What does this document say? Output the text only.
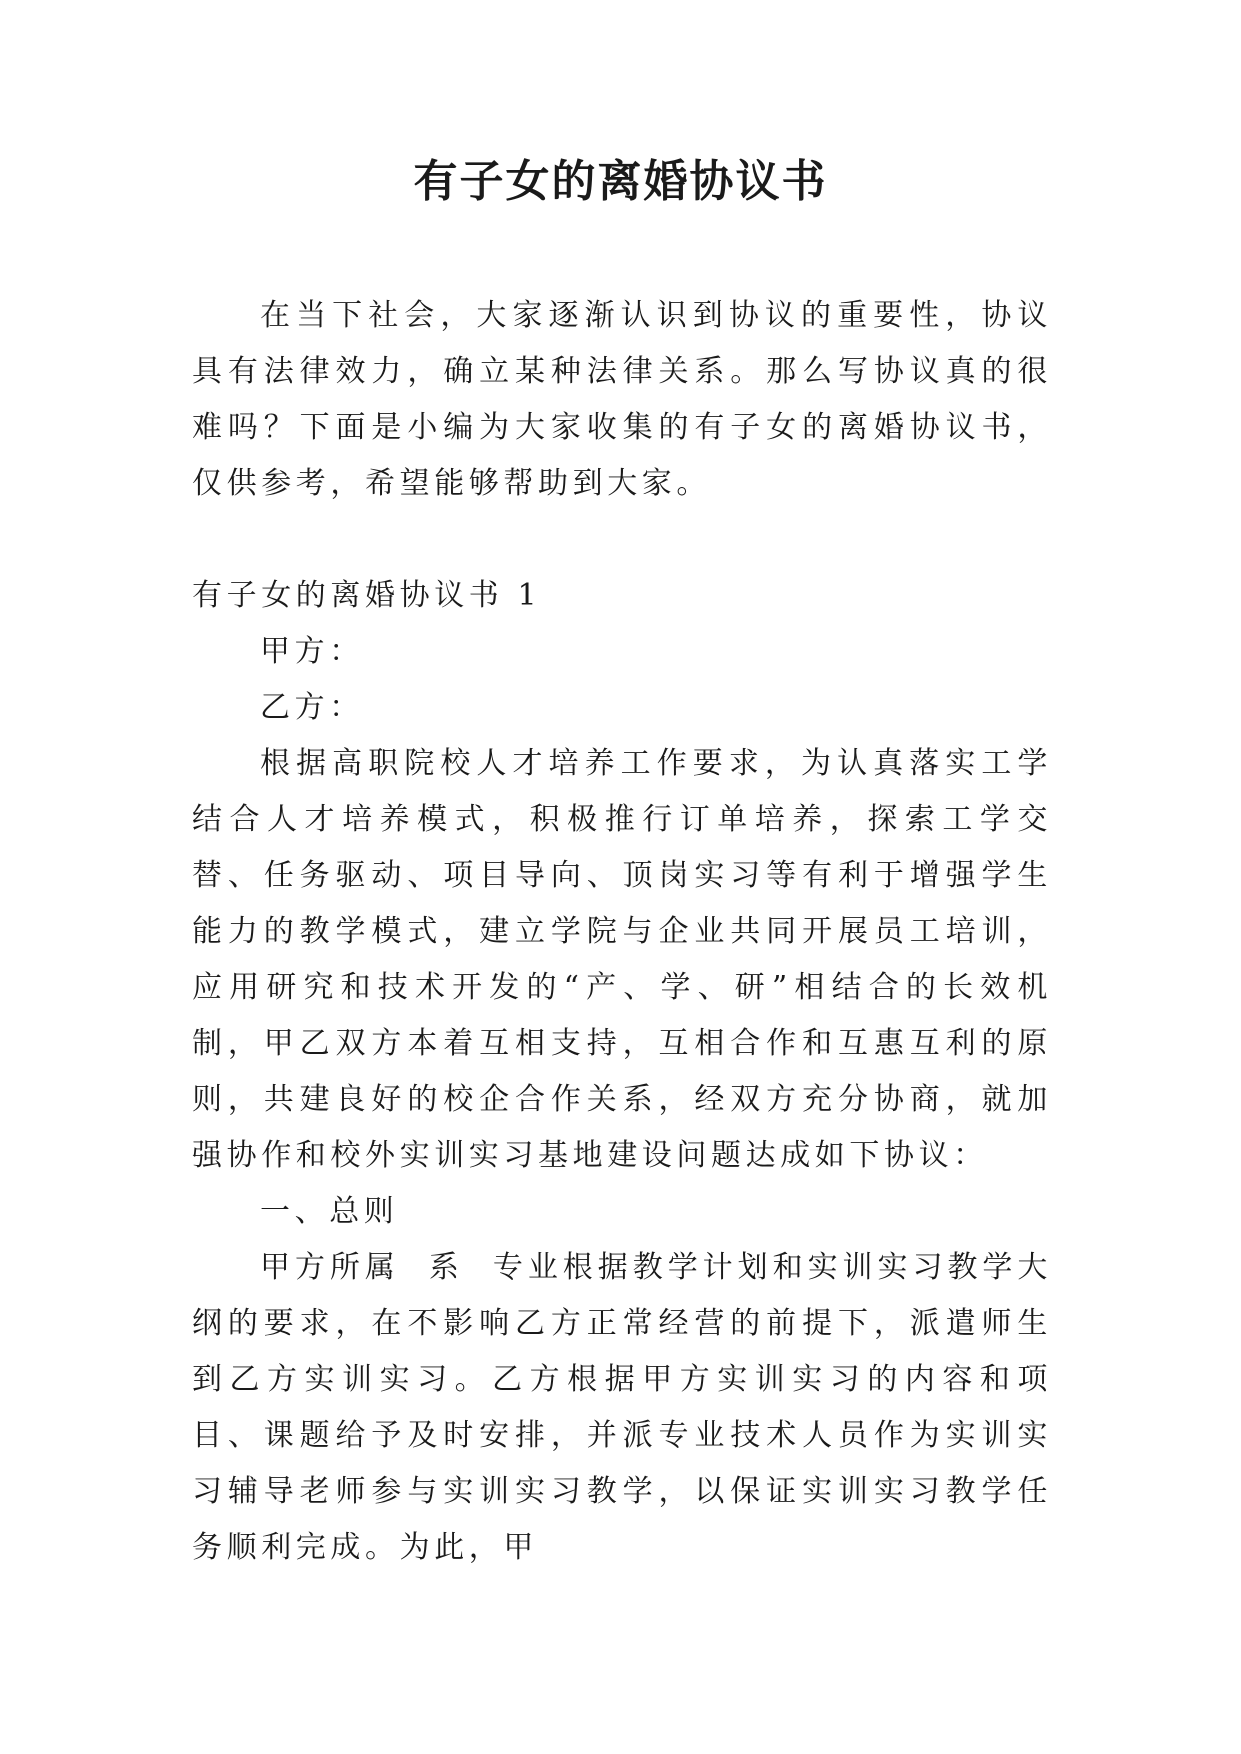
有子女的离婚协议书

在当下社会，大家逐渐认识到协议的重要性，协议具有法律效力，确立某种法律关系。那么写协议真的很难吗？下面是小编为大家收集的有子女的离婚协议书，仅供参考，希望能够帮助到大家。

有子女的离婚协议书 1

甲方：

乙方：

根据高职院校人才培养工作要求，为认真落实工学结合人才培养模式，积极推行订单培养，探索工学交替、任务驱动、项目导向、顶岗实习等有利于增强学生能力的教学模式，建立学院与企业共同开展员工培训，应用研究和技术开发的“产、学、研”相结合的长效机制，甲乙双方本着互相支持，互相合作和互惠互利的原则，共建良好的校企合作关系，经双方充分协商，就加强协作和校外实训实习基地建设问题达成如下协议：

一、总则

甲方所属  系  专业根据教学计划和实训实习教学大纲的要求，在不影响乙方正常经营的前提下，派遣师生到乙方实训实习。乙方根据甲方实训实习的内容和项目、课题给予及时安排，并派专业技术人员作为实训实习辅导老师参与实训实习教学，以保证实训实习教学任务顺利完成。为此，甲
